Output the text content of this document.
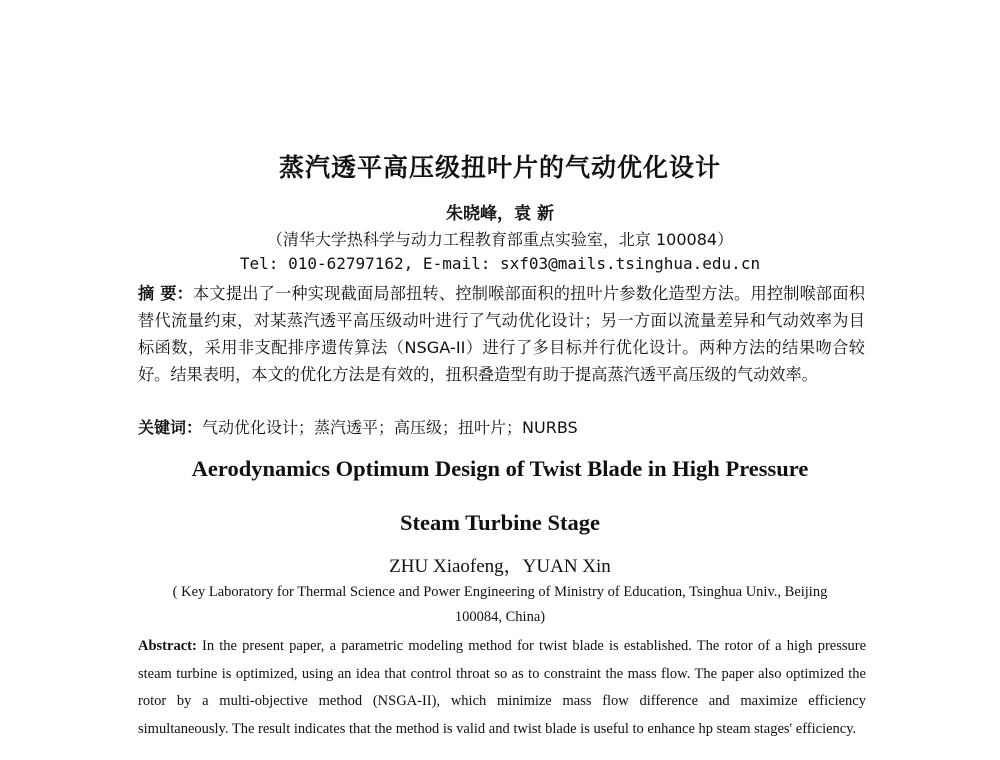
蒸汽透平高压级扭叶片的气动优化设计
朱晓峰，袁 新
（清华大学热科学与动力工程教育部重点实验室，北京 100084）
Tel: 010-62797162, E-mail: sxf03@mails.tsinghua.edu.cn
摘 要：本文提出了一种实现截面局部扭转、控制喉部面积的扭叶片参数化造型方法。用控制喉部面积替代流量约束，对某蒸汽透平高压级动叶进行了气动优化设计；另一方面以流量差异和气动效率为目标函数，采用非支配排序遗传算法（NSGA-II）进行了多目标并行优化设计。两种方法的结果吻合较好。结果表明，本文的优化方法是有效的，扭积叠造型有助于提高蒸汽透平高压级的气动效率。
关键词：气动优化设计；蒸汽透平；高压级；扭叶片；NURBS
Aerodynamics Optimum Design of Twist Blade in High Pressure
Steam Turbine Stage
ZHU Xiaofeng，YUAN Xin
( Key Laboratory for Thermal Science and Power Engineering of Ministry of Education, Tsinghua Univ., Beijing
100084, China)
Abstract: In the present paper, a parametric modeling method for twist blade is established. The rotor of a high pressure steam turbine is optimized, using an idea that control throat so as to constraint the mass flow. The paper also optimized the rotor by a multi-objective method (NSGA-II), which minimize mass flow difference and maximize efficiency simultaneously. The result indicates that the method is valid and twist blade is useful to enhance hp steam stages' efficiency.
